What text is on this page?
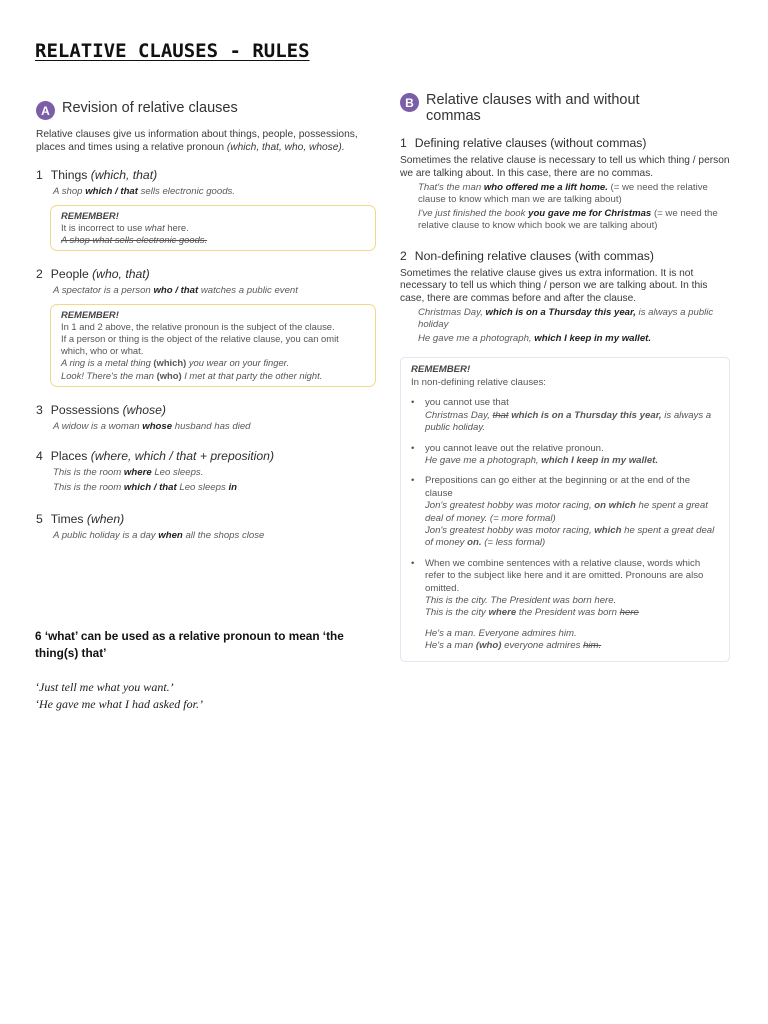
RELATIVE CLAUSES - RULES
A Revision of relative clauses

Relative clauses give us information about things, people, possessions, places and times using a relative pronoun (which, that, who, whose).

1 Things (which, that)
A shop which / that sells electronic goods.
REMEMBER!
It is incorrect to use what here.
A shop what sells electronic goods.
2 People (who, that)
A spectator is a person who / that watches a public event
REMEMBER!
In 1 and 2 above, the relative pronoun is the subject of the clause.
If a person or thing is the object of the relative clause, you can omit which, who or what.
A ring is a metal thing (which) you wear on your finger.
Look! There's the man (who) I met at that party the other night.
3 Possessions (whose)
A widow is a woman whose husband has died
4 Places (where, which / that + preposition)
This is the room where Leo sleeps.
This is the room which / that Leo sleeps in
5 Times (when)
A public holiday is a day when all the shops close
B Relative clauses with and without
commas
1 Defining relative clauses (without commas)

Sometimes the relative clause is necessary to tell us which thing / person we are talking about. In this case, there are no commas.

That's the man who offered me a lift home. (= we need the relative clause to know which man we are talking about)
I've just finished the book you gave me for Christmas (= we need the relative clause to know which book we are talking about)
2 Non-defining relative clauses (with commas)

Sometimes the relative clause gives us extra information. It is not necessary to tell us which thing / person we are talking about. In this case, there are commas before and after the clause.

Christmas Day, which is on a Thursday this year, is always a public holiday
He gave me a photograph, which I keep in my wallet.
REMEMBER!
In non-defining relative clauses:
•	you cannot use that
Christmas Day, that which is on a Thursday this year, is always a public holiday.
•	you cannot leave out the relative pronoun.
He gave me a photograph, which I keep in my wallet.
•	Prepositions can go either at the beginning or at the end of the clause
Jon's greatest hobby was motor racing, on which he spent a great deal of money. (= more formal)
Jon's greatest hobby was motor racing, which he spent a great deal of money on. (= less formal)
•	When we combine sentences with a relative clause, words which refer to the subject like here and it are omitted. Pronouns are also omitted.
This is the city. The President was born here.
This is the city where the President was born here
He's a man. Everyone admires him.
He's a man (who) everyone admires him.

6 ‘what’ can be used as a relative pronoun to mean ‘the thing(s) that’

‘Just tell me what you want.’

‘He gave me what I had asked for.’
